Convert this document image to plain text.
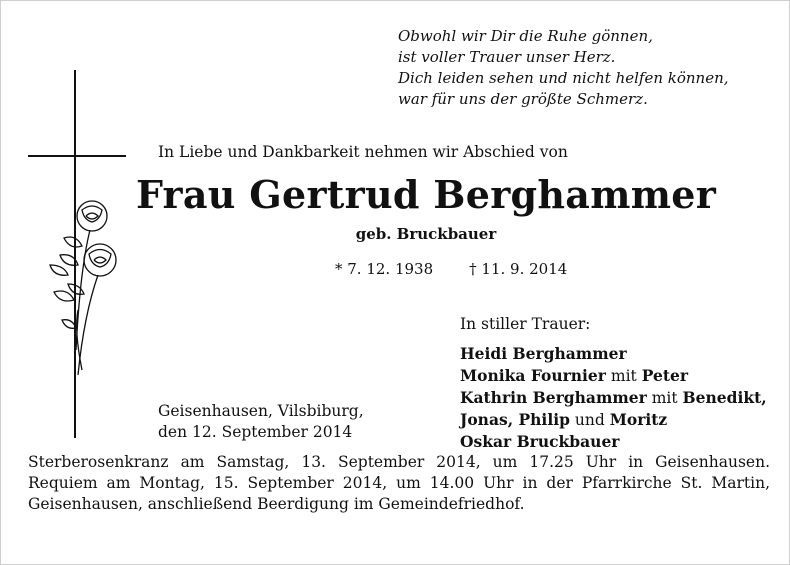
Obwohl wir Dir die Ruhe gönnen,
ist voller Trauer unser Herz.
Dich leiden sehen und nicht helfen können,
war für uns der größte Schmerz.
In Liebe und Dankbarkeit nehmen wir Abschied von
Frau Gertrud Berghammer
geb. Bruckbauer
* 7. 12. 1938 † 11. 9. 2014
In stiller Trauer:
Heidi Berghammer
Monika Fournier mit Peter
Kathrin Berghammer mit Benedikt,
Jonas, Philip und Moritz
Oskar Bruckbauer
Geisenhausen, Vilsbiburg,
den 12. September 2014
Sterberosenkranz am Samstag, 13. September 2014, um 17.25 Uhr in Geisenhausen.
Requiem am Montag, 15. September 2014, um 14.00 Uhr in der Pfarrkirche St. Martin,
Geisenhausen, anschließend Beerdigung im Gemeindefriedhof.
